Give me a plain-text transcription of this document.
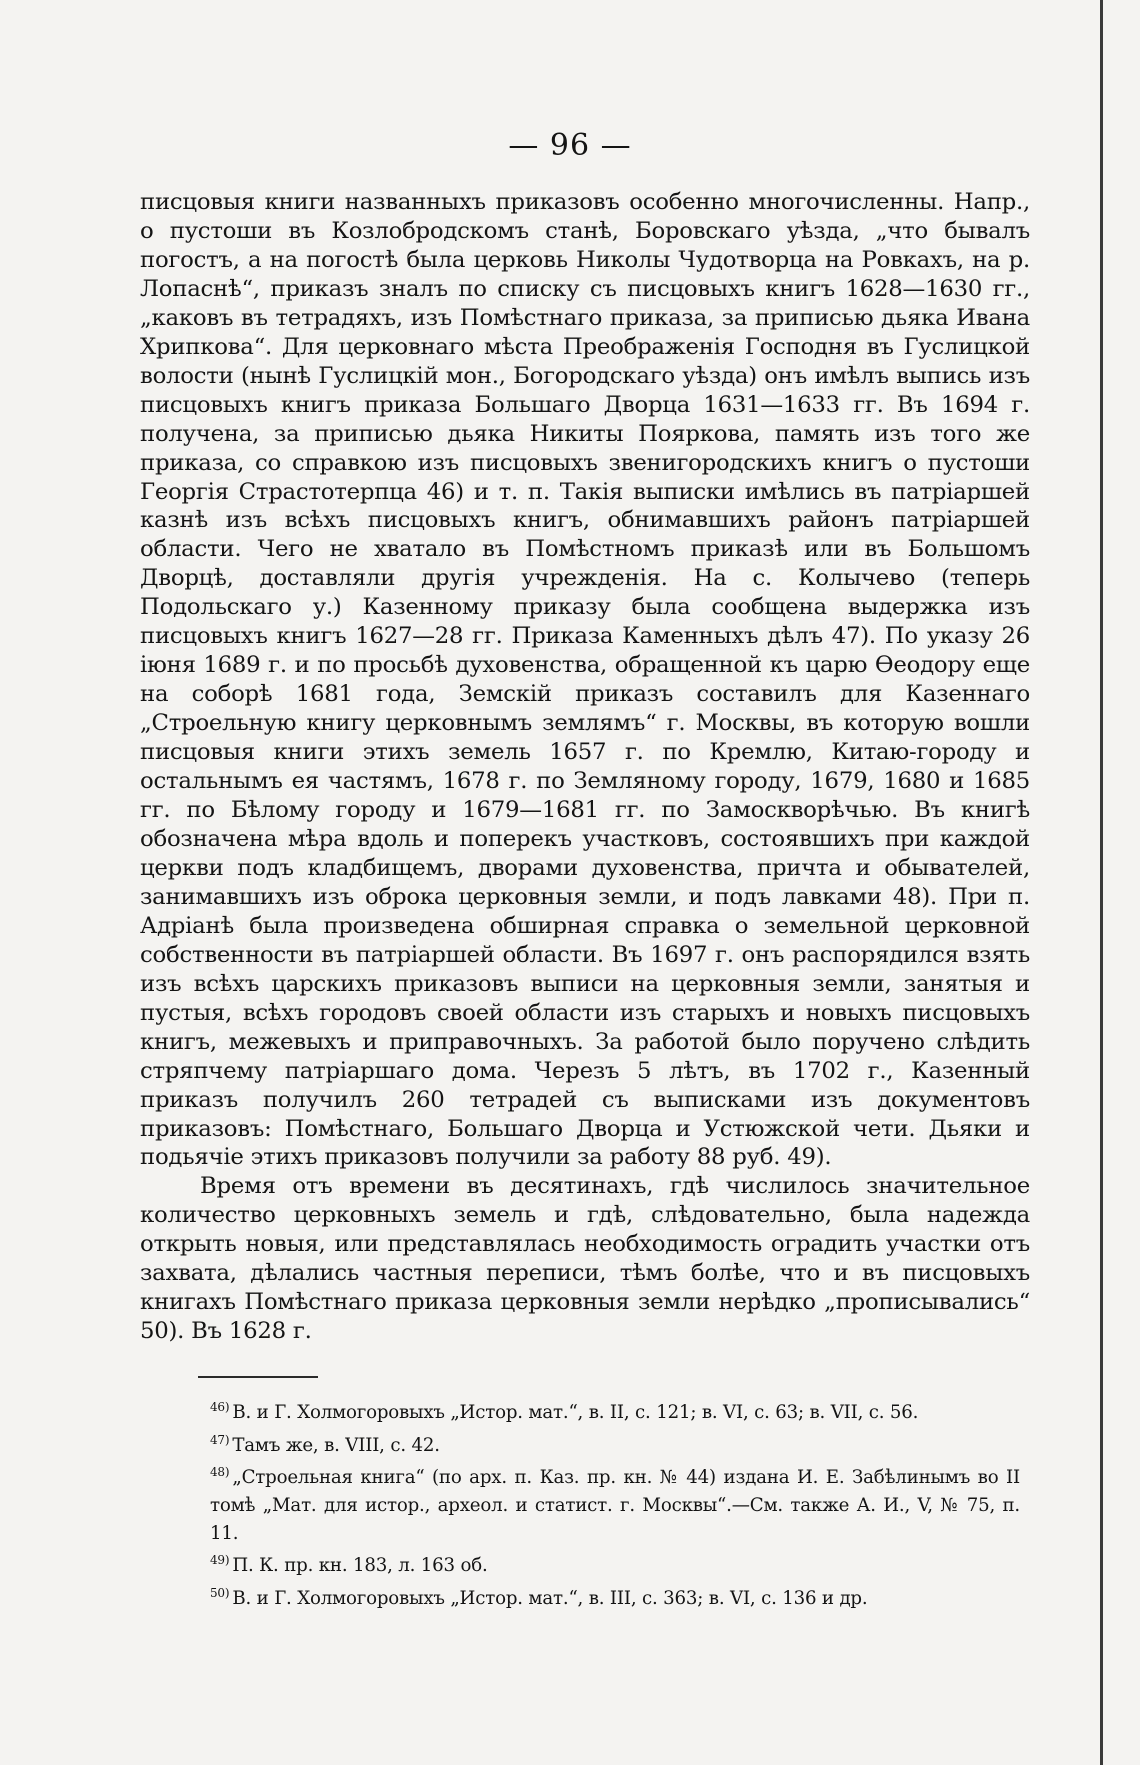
— 96 —

писцовыя книги названныхъ приказовъ особенно многочисленны. Напр., о пустоши въ Козлобродскомъ станѣ, Боровскаго уѣзда, „что бывалъ погостъ, а на погостѣ была церковь Николы Чудотворца на Ровкахъ, на р. Лопаснѣ“, приказъ зналъ по списку съ писцовыхъ книгъ 1628—1630 гг., „каковъ въ тетрадяхъ, изъ Помѣстнаго приказа, за приписью дьяка Ивана Хрипкова“. Для церковнаго мѣста Преображенія Господня въ Гуслицкой волости (нынѣ Гуслицкій мон., Богородскаго уѣзда) онъ имѣлъ выпись изъ писцовыхъ книгъ приказа Большаго Дворца 1631—1633 гг. Въ 1694 г. получена, за приписью дьяка Никиты Пояркова, память изъ того же приказа, со справкою изъ писцовыхъ звенигородскихъ книгъ о пустоши Георгія Страстотерпца 46) и т. п. Такія выписки имѣлись въ патріаршей казнѣ изъ всѣхъ писцовыхъ книгъ, обнимавшихъ районъ патріаршей области. Чего не хватало въ Помѣстномъ приказѣ или въ Большомъ Дворцѣ, доставляли другія учрежденія. На с. Колычево (теперь Подольскаго у.) Казенному приказу была сообщена выдержка изъ писцовыхъ книгъ 1627—28 гг. Приказа Каменныхъ дѣлъ 47). По указу 26 іюня 1689 г. и по просьбѣ духовенства, обращенной къ царю Ѳеодору еще на соборѣ 1681 года, Земскій приказъ составилъ для Казеннаго „Строельную книгу церковнымъ землямъ“ г. Москвы, въ которую вошли писцовыя книги этихъ земель 1657 г. по Кремлю, Китаю-городу и остальнымъ ея частямъ, 1678 г. по Земляному городу, 1679, 1680 и 1685 гг. по Бѣлому городу и 1679—1681 гг. по Замоскворѣчью. Въ книгѣ обозначена мѣра вдоль и поперекъ участковъ, состоявшихъ при каждой церкви подъ кладбищемъ, дворами духовенства, причта и обывателей, занимавшихъ изъ оброка церковныя земли, и подъ лавками 48). При п. Адріанѣ была произведена обширная справка о земельной церковной собственности въ патріаршей области. Въ 1697 г. онъ распорядился взять изъ всѣхъ царскихъ приказовъ выписи на церковныя земли, занятыя и пустыя, всѣхъ городовъ своей области изъ старыхъ и новыхъ писцовыхъ книгъ, межевыхъ и приправочныхъ. За работой было поручено слѣдить стряпчему патріаршаго дома. Черезъ 5 лѣтъ, въ 1702 г., Казенный приказъ получилъ 260 тетрадей съ выписками изъ документовъ приказовъ: Помѣстнаго, Большаго Дворца и Устюжской чети. Дьяки и подьячіе этихъ приказовъ получили за работу 88 руб. 49).

Время отъ времени въ десятинахъ, гдѣ числилось значительное количество церковныхъ земель и гдѣ, слѣдовательно, была надежда открыть новыя, или представлялась необходимость оградить участки отъ захвата, дѣлались частныя переписи, тѣмъ болѣе, что и въ писцовыхъ книгахъ Помѣстнаго приказа церковныя земли нерѣдко „прописывались“ 50). Въ 1628 г.

$^{46)}$ В. и Г. Холмогоровыхъ „Истор. мат.“, в. II, с. 121; в. VI, с. 63; в. VII, с. 56.
$^{47)}$ Тамъ же, в. VIII, с. 42.
$^{48)}$ „Строельная книга“ (по арх. п. Каз. пр. кн. № 44) издана И. Е. Забѣлинымъ во II томѣ „Мат. для истор., археол. и статист. г. Москвы“.—См. также А. И., V, № 75, п. 11.
$^{49)}$ П. К. пр. кн. 183, л. 163 об.
$^{50)}$ В. и Г. Холмогоровыхъ „Истор. мат.“, в. III, с. 363; в. VI, с. 136 и др.
